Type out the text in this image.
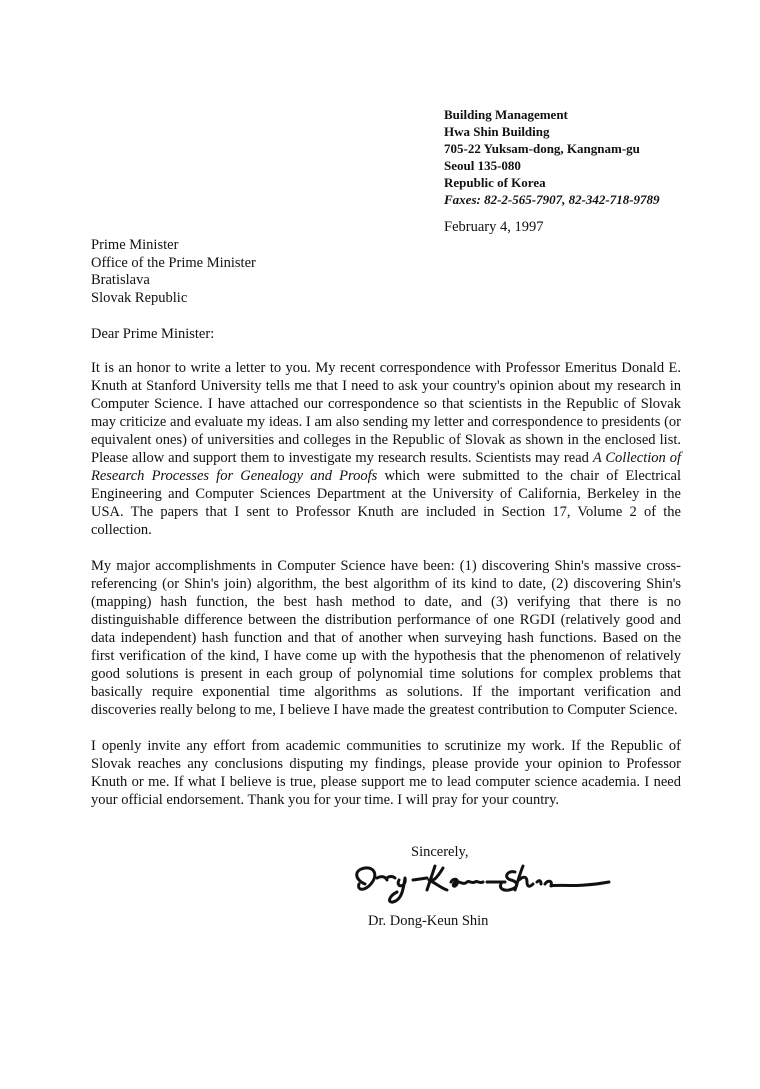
Building Management
Hwa Shin Building
705-22 Yuksam-dong, Kangnam-gu
Seoul 135-080
Republic of Korea
Faxes: 82-2-565-7907, 82-342-718-9789
February 4, 1997
Prime Minister
Office of the Prime Minister
Bratislava
Slovak Republic
Dear Prime Minister:

It is an honor to write a letter to you. My recent correspondence with Professor Emeritus Donald E. Knuth at Stanford University tells me that I need to ask your country's opinion about my research in Computer Science. I have attached our correspondence so that scientists in the Republic of Slovak may criticize and evaluate my ideas. I am also sending my letter and correspondence to presidents (or equivalent ones) of universities and colleges in the Republic of Slovak as shown in the enclosed list. Please allow and support them to investigate my research results. Scientists may read A Collection of Research Processes for Genealogy and Proofs which were submitted to the chair of Electrical Engineering and Computer Sciences Department at the University of California, Berkeley in the USA. The papers that I sent to Professor Knuth are included in Section 17, Volume 2 of the collection.

My major accomplishments in Computer Science have been: (1) discovering Shin's massive cross-referencing (or Shin's join) algorithm, the best algorithm of its kind to date, (2) discovering Shin's (mapping) hash function, the best hash method to date, and (3) verifying that there is no distinguishable difference between the distribution performance of one RGDI (relatively good and data independent) hash function and that of another when surveying hash functions. Based on the first verification of the kind, I have come up with the hypothesis that the phenomenon of relatively good solutions is present in each group of polynomial time solutions for complex problems that basically require exponential time algorithms as solutions. If the important verification and discoveries really belong to me, I believe I have made the greatest contribution to Computer Science.

I openly invite any effort from academic communities to scrutinize my work. If the Republic of Slovak reaches any conclusions disputing my findings, please provide your opinion to Professor Knuth or me. If what I believe is true, please support me to lead computer science academia. I need your official endorsement. Thank you for your time. I will pray for your country.

Sincerely,
Dr. Dong-Keun Shin
